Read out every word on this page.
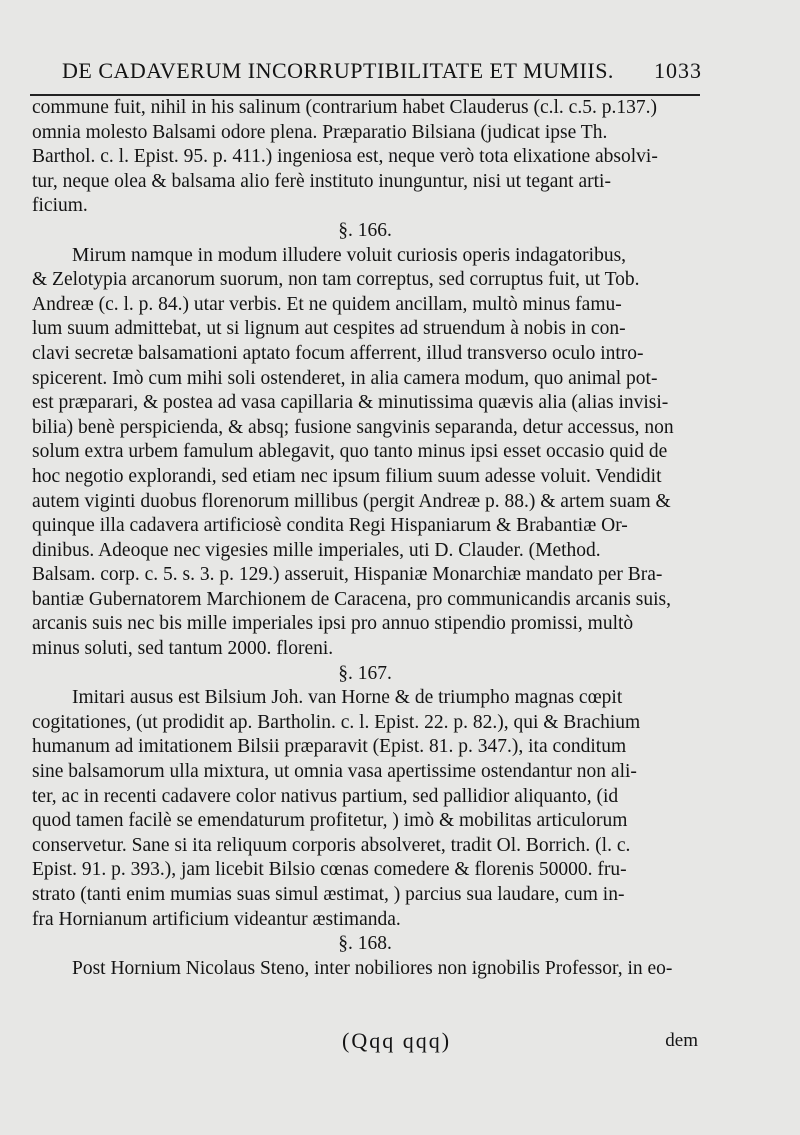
DE CADAVERUM INCORRUPTIBILITATE ET MUMIIS. 1033
commune fuit, nihil in his salinum (contrarium habet Clauderus (c.l. c.5. p.137.)
omnia molesto Balsami odore plena. Præparatio Bilsiana (judicat ipse Th.
Barthol. c. l. Epist. 95. p. 411.) ingeniosa est, neque verò tota elixatione absolvi-
tur, neque olea & balsama alio ferè instituto inunguntur, nisi ut tegant arti-
ficium.
§. 166.
Mirum namque in modum illudere voluit curiosis operis indagatoribus,
& Zelotypia arcanorum suorum, non tam correptus, sed corruptus fuit, ut Tob.
Andreæ (c. l. p. 84.) utar verbis. Et ne quidem ancillam, multò minus famu-
lum suum admittebat, ut si lignum aut cespites ad struendum à nobis in con-
clavi secretæ balsamationi aptato focum afferrent, illud transverso oculo intro-
spicerent. Imò cum mihi soli ostenderet, in alia camera modum, quo animal pot-
est præparari, & postea ad vasa capillaria & minutissima quævis alia (alias invisi-
bilia) benè perspicienda, & absq; fusione sangvinis separanda, detur accessus, non
solum extra urbem famulum ablegavit, quo tanto minus ipsi esset occasio quid de
hoc negotio explorandi, sed etiam nec ipsum filium suum adesse voluit. Vendidit
autem viginti duobus florenorum millibus (pergit Andreæ p. 88.) & artem suam &
quinque illa cadavera artificiosè condita Regi Hispaniarum & Brabantiæ Or-
dinibus. Adeoque nec vigesies mille imperiales, uti D. Clauder. (Method.
Balsam. corp. c. 5. s. 3. p. 129.) asseruit, Hispaniæ Monarchiæ mandato per Bra-
bantiæ Gubernatorem Marchionem de Caracena, pro communicandis arcanis suis,
arcanis suis nec bis mille imperiales ipsi pro annuo stipendio promissi, multò
minus soluti, sed tantum 2000. floreni.
§. 167.
Imitari ausus est Bilsium Joh. van Horne & de triumpho magnas cœpit
cogitationes, (ut prodidit ap. Bartholin. c. l. Epist. 22. p. 82.), qui & Brachium
humanum ad imitationem Bilsii præparavit (Epist. 81. p. 347.), ita conditum
sine balsamorum ulla mixtura, ut omnia vasa apertissime ostendantur non ali-
ter, ac in recenti cadavere color nativus partium, sed pallidior aliquanto, (id
quod tamen facilè se emendaturum profitetur, ) imò & mobilitas articulorum
conservetur. Sane si ita reliquum corporis absolveret, tradit Ol. Borrich. (l. c.
Epist. 91. p. 393.), jam licebit Bilsio cœnas comedere & florenis 50000. fru-
strato (tanti enim mumias suas simul æstimat, ) parcius sua laudare, cum in-
fra Hornianum artificium videantur æstimanda.
§. 168.
Post Hornium Nicolaus Steno, inter nobiliores non ignobilis Professor, in eo-
(Qqq qqq)	dem
